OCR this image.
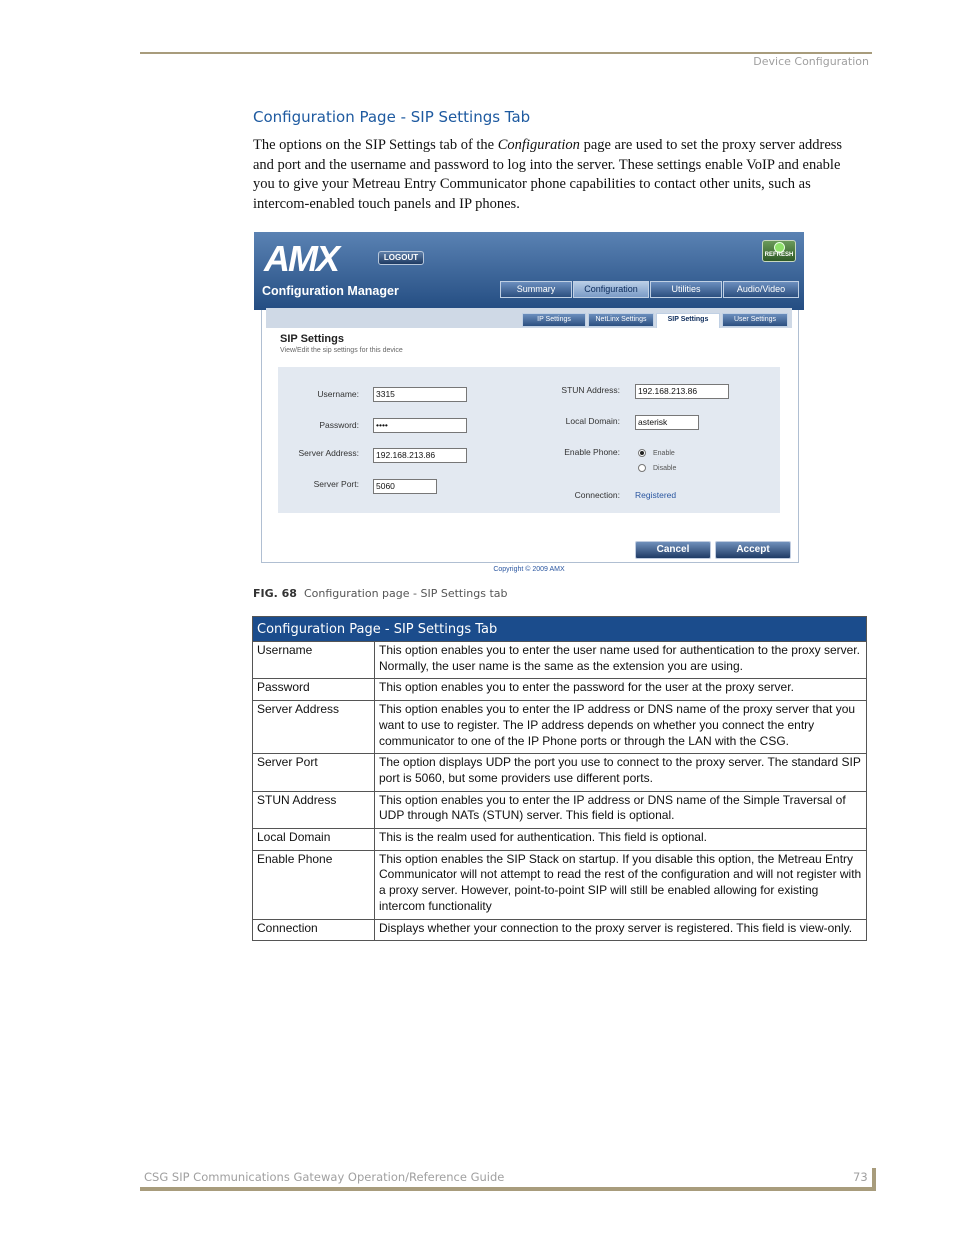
Device Configuration
Configuration Page - SIP Settings Tab
The options on the SIP Settings tab of the Configuration page are used to set the proxy server address and port and the username and password to log into the server. These settings enable VoIP and enable you to give your Metreau Entry Communicator phone capabilities to contact other units, such as intercom-enabled touch panels and IP phones.
AMX	LOGOUT	REFRESH
Configuration Manager	Summary	Configuration	Utilities	Audio/Video
IP Settings	NetLinx Settings	SIP Settings	User Settings
SIP Settings
View/Edit the sip settings for this device
Username:	3315
Password:	••••
Server Address:	192.168.213.86
Server Port:	5060
STUN Address:	192.168.213.86
Local Domain:	asterisk
Enable Phone:	Enable
Disable
Connection: Registered
Cancel	Accept
Copyright © 2009 AMX
FIG. 68 Configuration page - SIP Settings tab
Configuration Page - SIP Settings Tab	
Username	This option enables you to enter the user name used for authentication to the proxy server. Normally, the user name is the same as the extension you are using.
Password	This option enables you to enter the password for the user at the proxy server.
Server Address	This option enables you to enter the IP address or DNS name of the proxy server that you want to use to register. The IP address depends on whether you connect the entry communicator to one of the IP Phone ports or through the LAN with the CSG.
Server Port	The option displays UDP the port you use to connect to the proxy server. The standard SIP port is 5060, but some providers use different ports.
STUN Address	This option enables you to enter the IP address or DNS name of the Simple Traversal of UDP through NATs (STUN) server. This field is optional.
Local Domain	This is the realm used for authentication. This field is optional.
Enable Phone	This option enables the SIP Stack on startup. If you disable this option, the Metreau Entry Communicator will not attempt to read the rest of the configuration and will not register with a proxy server. However, point-to-point SIP will still be enabled allowing for existing intercom functionality
Connection	Displays whether your connection to the proxy server is registered. This field is view-only.
CSG SIP Communications Gateway Operation/Reference Guide	73
